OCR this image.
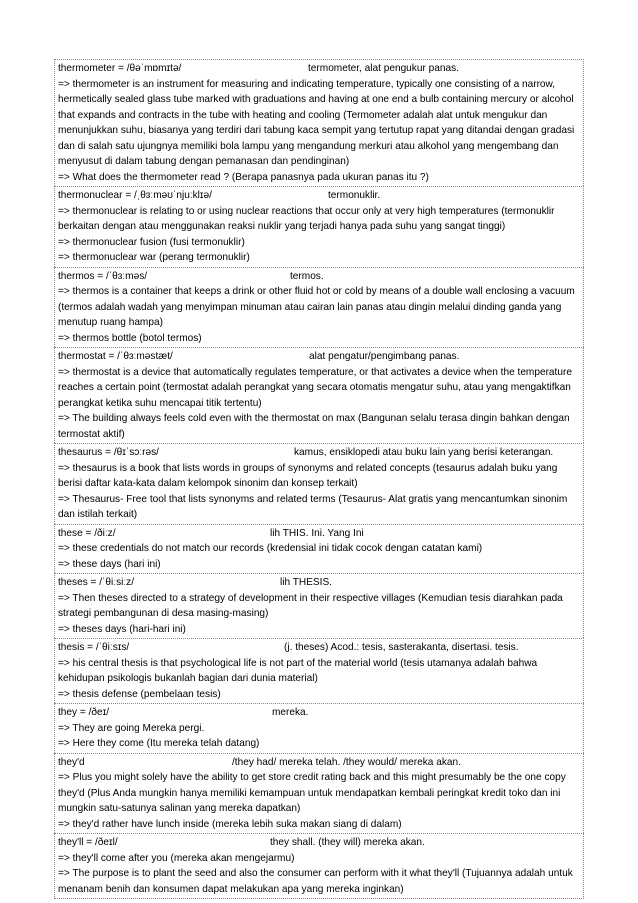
thermometer = /θəˈmɒmɪtə/	termometer, alat pengukur panas.
=> thermometer is an instrument for measuring and indicating temperature, typically one consisting of a narrow, hermetically sealed glass tube marked with graduations and having at one end a bulb containing mercury or alcohol that expands and contracts in the tube with heating and cooling (Termometer adalah alat untuk mengukur dan menunjukkan suhu, biasanya yang terdiri dari tabung kaca sempit yang tertutup rapat yang ditandai dengan gradasi dan di salah satu ujungnya memiliki bola lampu yang mengandung merkuri atau alkohol yang mengembang dan menyusut di dalam tabung dengan pemanasan dan pendinginan)
=> What does the thermometer read ? (Berapa panasnya pada ukuran panas itu ?)
thermonuclear = /ˌθɜːməʊˈnjuːklɪə/	termonuklir.
=> thermonuclear is relating to or using nuclear reactions that occur only at very high temperatures (termonuklir berkaitan dengan atau menggunakan reaksi nuklir yang terjadi hanya pada suhu yang sangat tinggi)
=> thermonuclear fusion (fusi termonuklir)
=> thermonuclear war (perang termonuklir)
thermos = /ˈθɜːməs/	termos.
=> thermos is a container that keeps a drink or other fluid hot or cold by means of a double wall enclosing a vacuum (termos adalah wadah yang menyimpan minuman atau cairan lain panas atau dingin melalui dinding ganda yang menutup ruang hampa)
=> thermos bottle (botol termos)
thermostat = /ˈθɜːməstæt/	alat pengatur/pengimbang panas.
=> thermostat is a device that automatically regulates temperature, or that activates a device when the temperature reaches a certain point (termostat adalah perangkat yang secara otomatis mengatur suhu, atau yang mengaktifkan perangkat ketika suhu mencapai titik tertentu)
=> The building always feels cold even with the thermostat on max (Bangunan selalu terasa dingin bahkan dengan termostat aktif)
thesaurus = /θɪˈsɔːrəs/	kamus, ensiklopedi atau buku lain yang berisi keterangan.
=> thesaurus is a book that lists words in groups of synonyms and related concepts (tesaurus adalah buku yang berisi daftar kata-kata dalam kelompok sinonim dan konsep terkait)
=> Thesaurus- Free tool that lists synonyms and related terms (Tesaurus- Alat gratis yang mencantumkan sinonim dan istilah terkait)
these = /ðiːz/	lih THIS. Ini. Yang Ini
=> these credentials do not match our records (kredensial ini tidak cocok dengan catatan kami)
=> these days (hari ini)
theses = /ˈθiːsiːz/	lih THESIS.
=> Then theses directed to a strategy of development in their respective villages (Kemudian tesis diarahkan pada strategi pembangunan di desa masing-masing)
=> theses days (hari-hari ini)
thesis = /ˈθiːsɪs/	(j. theses) Acod.: tesis, sasterakanta, disertasi. tesis.
=> his central thesis is that psychological life is not part of the material world (tesis utamanya adalah bahwa kehidupan psikologis bukanlah bagian dari dunia material)
=> thesis defense (pembelaan tesis)
they = /ðeɪ/	mereka.
=> They are going Mereka pergi.
=> Here they come (Itu mereka telah datang)
they'd	/they had/ mereka telah. /they would/ mereka akan.
=> Plus you might solely have the ability to get store credit rating back and this might presumably be the one copy they'd (Plus Anda mungkin hanya memiliki kemampuan untuk mendapatkan kembali peringkat kredit toko dan ini mungkin satu-satunya salinan yang mereka dapatkan)
=> they'd rather have lunch inside (mereka lebih suka makan siang di dalam)
they'll = /ðeɪl/	they shall. (they will) mereka akan.
=> they'll come after you (mereka akan mengejarmu)
=> The purpose is to plant the seed and also the consumer can perform with it what they'll (Tujuannya adalah untuk menanam benih dan konsumen dapat melakukan apa yang mereka inginkan)
